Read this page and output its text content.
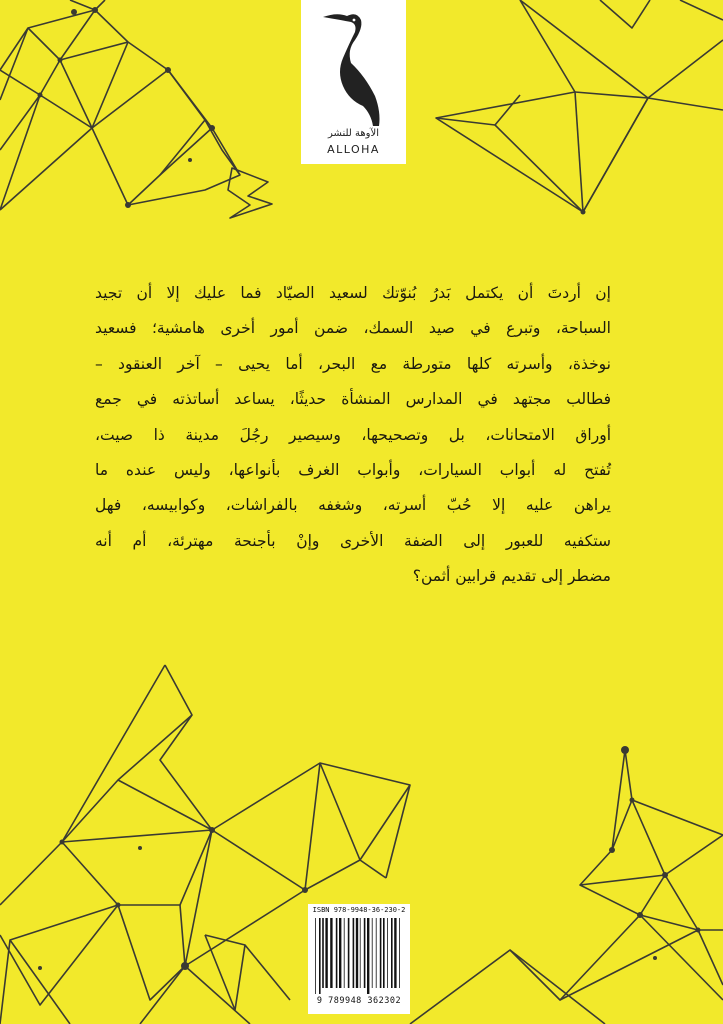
الآوهة للنشر
ALLOHA
إن أردتَ أن يكتمل بَدرُ بُنوّتك لسعيد الصيّاد فما عليك إلا أن تجيد
السباحة، وتبرع في صيد السمك، ضمن أمور أخرى هامشية؛ فسعيد
نوخذة، وأسرته كلها متورطة مع البحر، أما يحيى – آخر العنقود –
فطالب مجتهد في المدارس المنشأة حديثًا، يساعد أساتذته في جمع
أوراق الامتحانات، بل وتصحيحها، وسيصير رجُلَ مدينة ذا صيت،
تُفتح له أبواب السيارات، وأبواب الغرف بأنواعها، وليس عنده ما
يراهن عليه إلا حُبّ أسرته، وشغفه بالفراشات، وكوابيسه، فهل
ستكفيه للعبور إلى الضفة الأخرى وإنْ بأجنحة مهترئة، أم أنه
مضطر إلى تقديم قرابين أثمن؟
ISBN 978-9948-36-230-2
9 789948 362302
